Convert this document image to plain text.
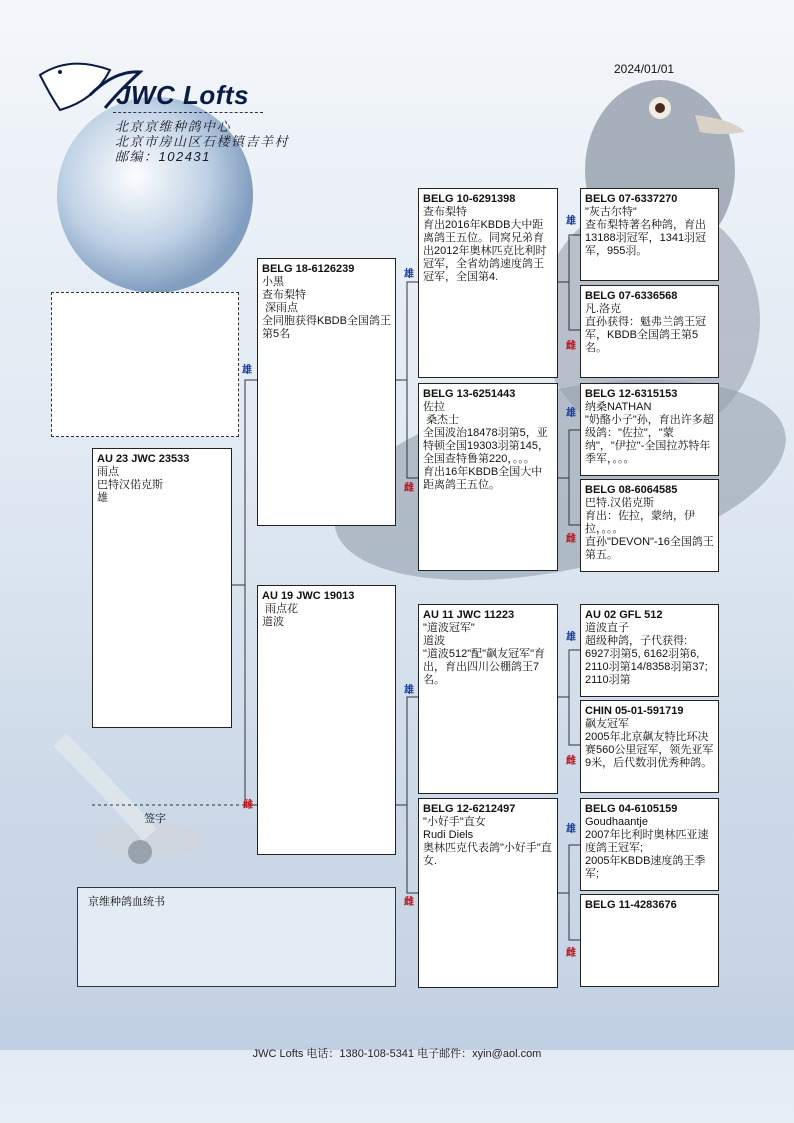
2024/01/01
JWC Lofts
北京京维种鸽中心
北京市房山区石楼镇吉羊村
邮编：102431
AU 23 JWC 23533
雨点
巴特汉偌克斯
雄
BELG 18-6126239
小黑
查布梨特
深雨点
全同胞获得KBDB全国鸽王第5名
AU 19 JWC 19013
雨点花
道波
BELG 10-6291398
查布梨特
育出2016年KBDB大中距离鸽王五位。同窝兄弟育出2012年奥林匹克比利时冠军，全省幼鸽速度鸽王冠军，全国第4.
BELG 13-6251443
佐拉
桑杰士
全国波治18478羽第5，亚特顿全国19303羽第145，全国查特鲁第220，。。。
育出16年KBDB全国大中距离鸽王五位。
AU 11 JWC 11223
"道波冠军"
道波
"道波512"配"飙友冠军"育出，育出四川公棚鸽王7名。
BELG 12-6212497
"小好手"直女
Rudi Diels
奥林匹克代表鸽"小好手"直女.
BELG 07-6337270
"灰古尔特"
查布梨特著名种鸽，育出13188羽冠军，1341羽冠军，955羽。
BELG 07-6336568
凡.洛克
直孙获得：魁弗兰鸽王冠军，KBDB全国鸽王第5名。
BELG 12-6315153
纳桑NATHAN
"奶酪小子"孙，育出许多超级鸽："佐拉"，"蒙纳"，"伊拉"-全国拉苏特年季军，。。。
BELG 08-6064585
巴特.汉偌克斯
育出：佐拉，蒙纳，伊拉，。。。
直孙"DEVON"-16全国鸽王第五。
AU 02 GFL 512
道波直子
超级种鸽，子代获得: 6927羽第5, 6162羽第6, 2110羽第14/8358羽第37; 2110羽第
CHIN 05-01-591719
飙友冠军
2005年北京飙友特比环决赛560公里冠军，领先亚军9米，后代数羽优秀种鸽。
BELG 04-6105159
Goudhaantje
2007年比利时奥林匹亚速度鸽王冠军;
2005年KBDB速度鸽王季军;
BELG 11-4283676
雄
雌
雄
雌
雄
雌
雄
雌
雄
雌
雄
雌
雄
雌
签字
京维种鸽血统书
JWC Lofts 电话：1380-108-5341 电子邮件：xyin@aol.com
